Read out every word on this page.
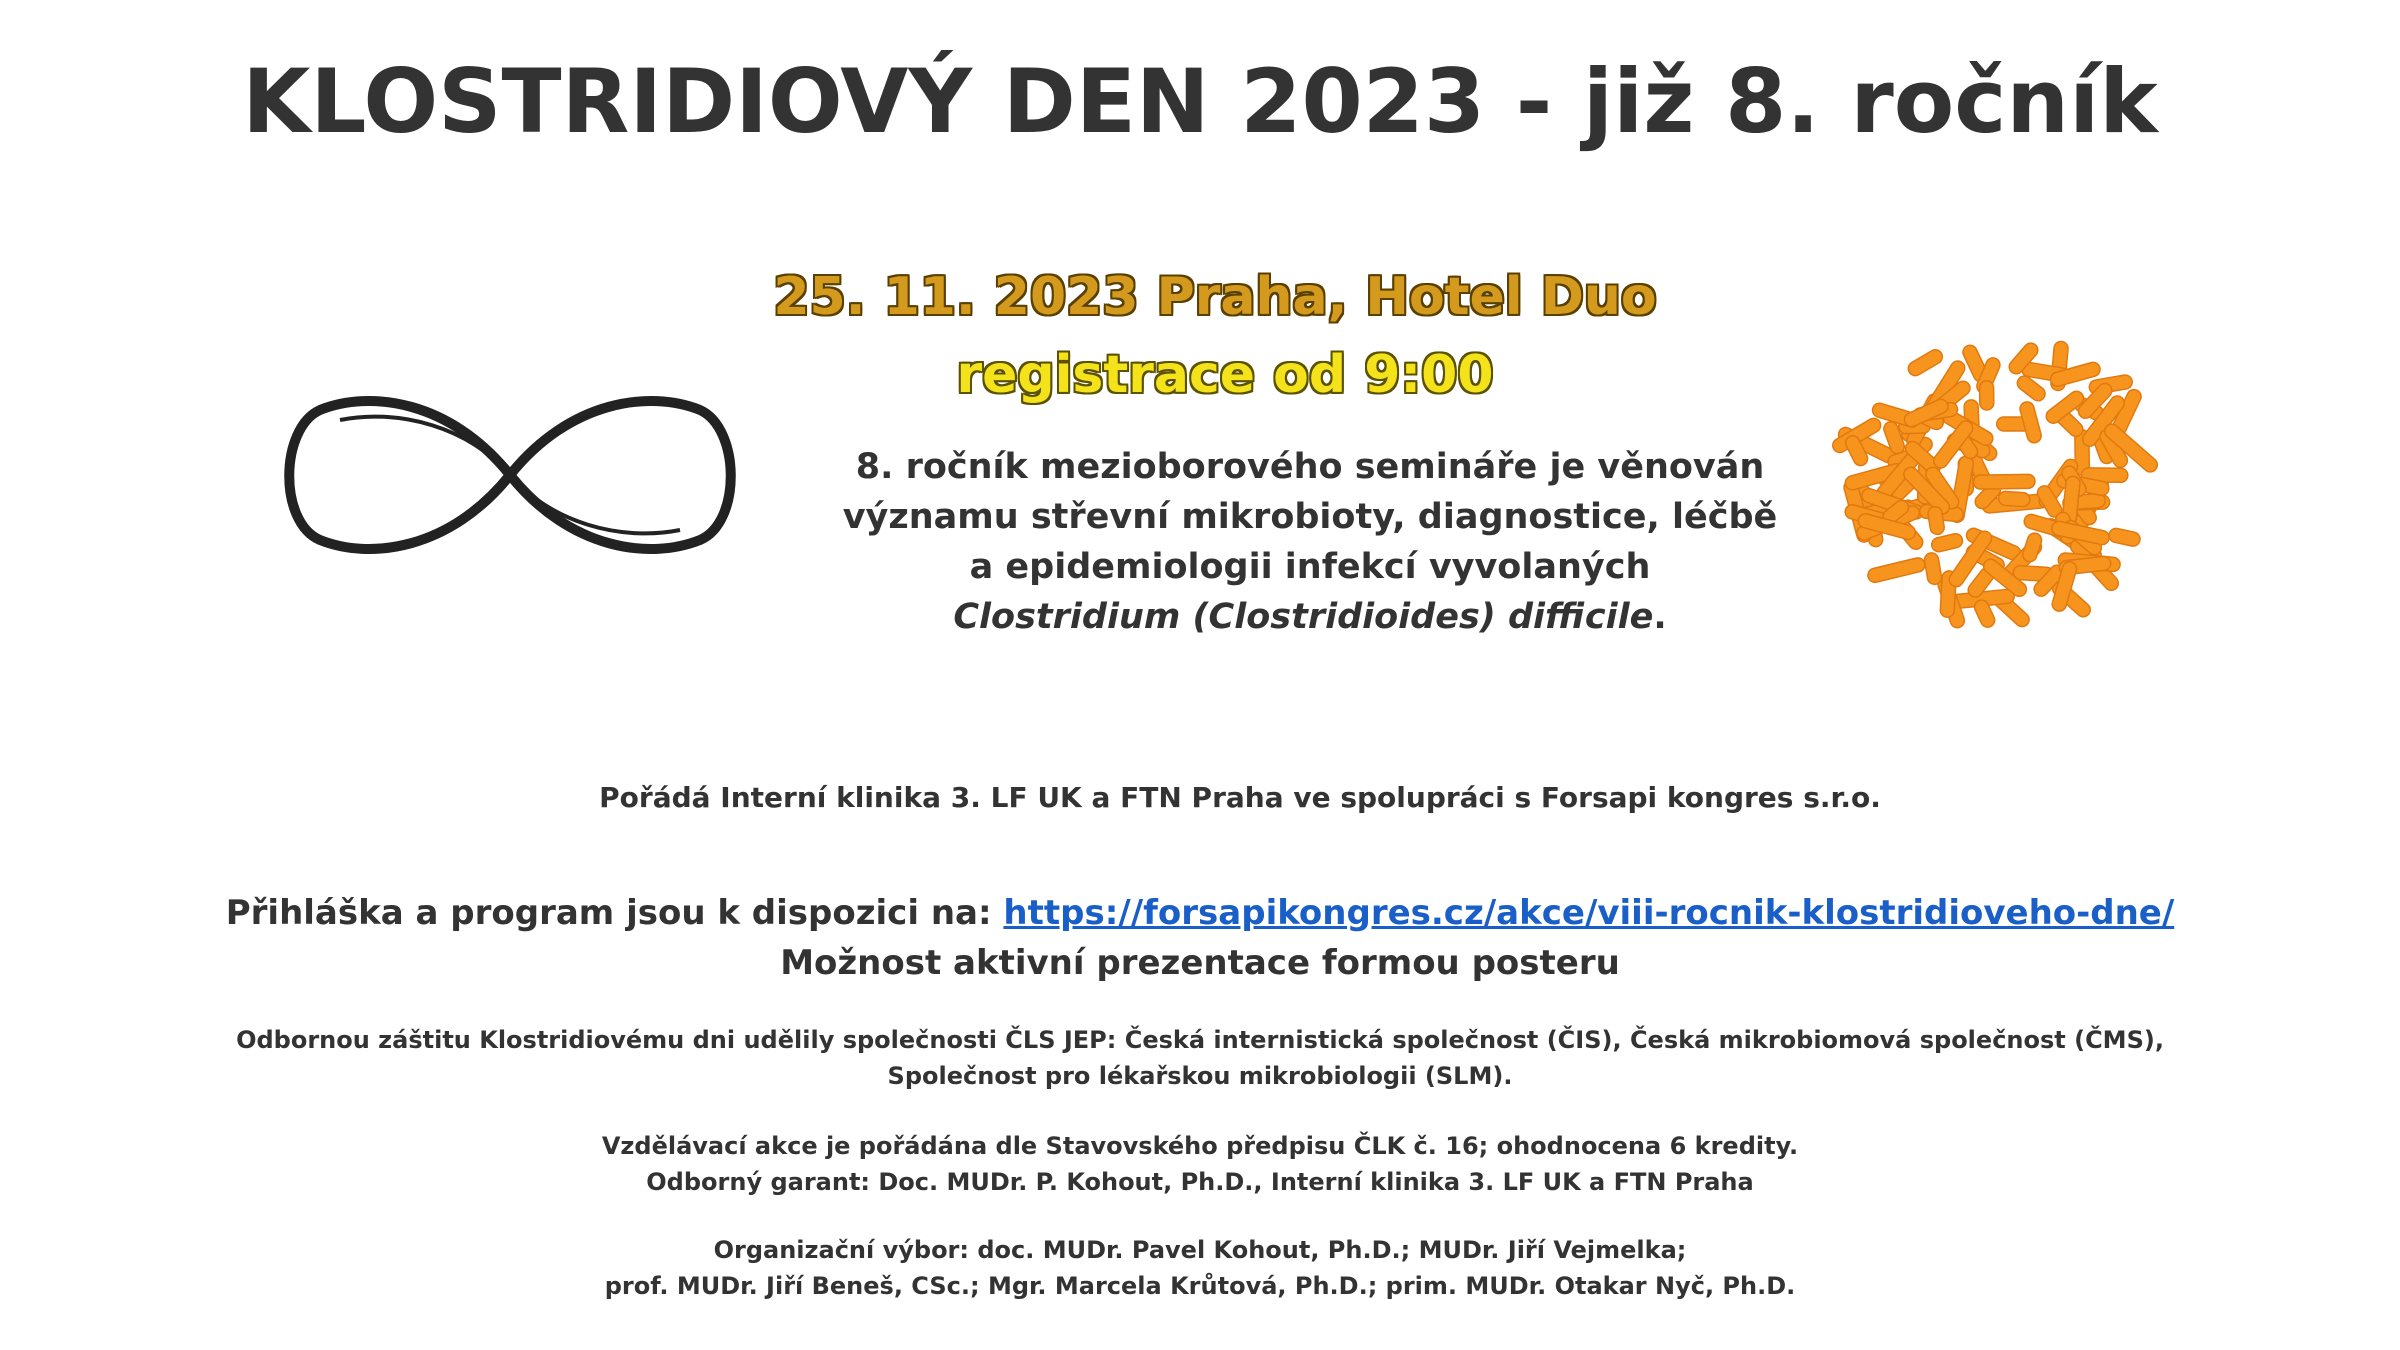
KLOSTRIDIOVÝ DEN 2023 - již 8. ročník
25. 11. 2023 Praha, Hotel Duo
registrace od 9:00
8. ročník mezioborového semináře je věnován
významu střevní mikrobioty, diagnostice, léčbě
a epidemiologii infekcí vyvolaných
Clostridium (Clostridioides) difficile.
Pořádá Interní klinika 3. LF UK a FTN Praha ve spolupráci s Forsapi kongres s.r.o.
Přihláška a program jsou k dispozici na: https://forsapikongres.cz/akce/viii-rocnik-klostridioveho-dne/
Možnost aktivní prezentace formou posteru
Odbornou záštitu Klostridiovému dni udělily společnosti ČLS JEP: Česká internistická společnost (ČIS), Česká mikrobiomová společnost (ČMS),
Společnost pro lékařskou mikrobiologii (SLM).
Vzdělávací akce je pořádána dle Stavovského předpisu ČLK č. 16; ohodnocena 6 kredity.
Odborný garant: Doc. MUDr. P. Kohout, Ph.D., Interní klinika 3. LF UK a FTN Praha
Organizační výbor: doc. MUDr. Pavel Kohout, Ph.D.; MUDr. Jiří Vejmelka;
prof. MUDr. Jiří Beneš, CSc.; Mgr. Marcela Krůtová, Ph.D.; prim. MUDr. Otakar Nyč, Ph.D.
